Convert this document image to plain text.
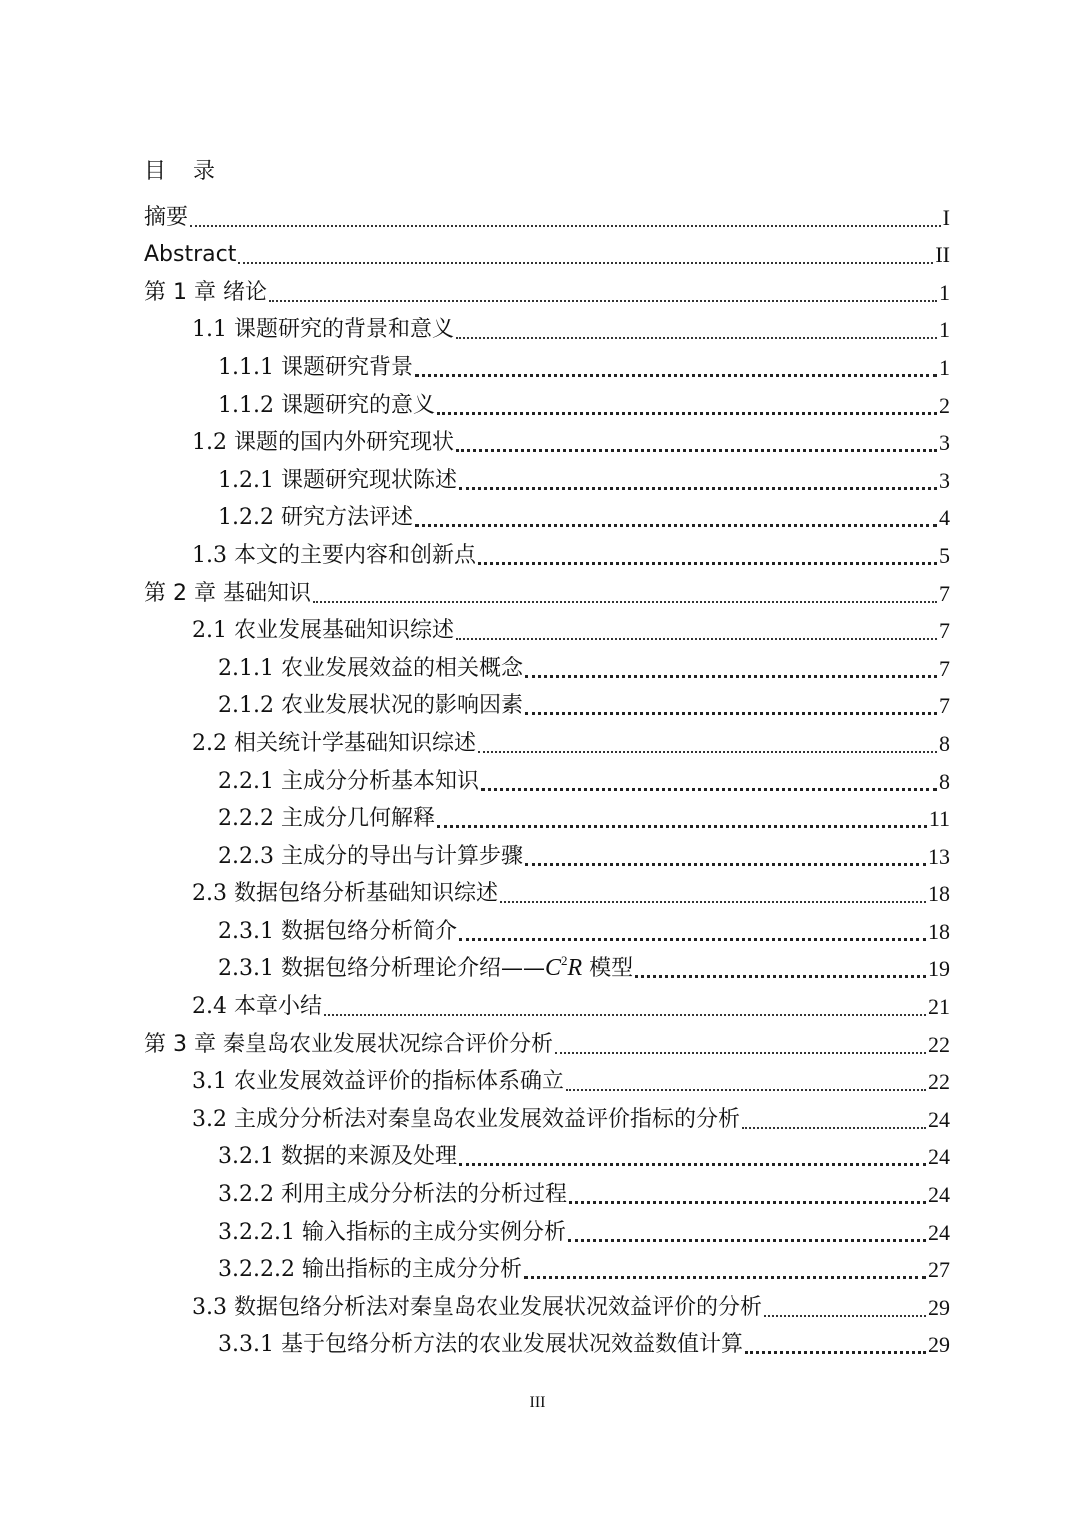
目 录
摘要	I
Abstract	II
第 1 章 绪论	1
1.1 课题研究的背景和意义	1
1.1.1 课题研究背景	1
1.1.2 课题研究的意义	2
1.2 课题的国内外研究现状	3
1.2.1 课题研究现状陈述	3
1.2.2 研究方法评述	4
1.3 本文的主要内容和创新点	5
第 2 章 基础知识	7
2.1 农业发展基础知识综述	7
2.1.1 农业发展效益的相关概念	7
2.1.2 农业发展状况的影响因素	7
2.2 相关统计学基础知识综述	8
2.2.1 主成分分析基本知识	8
2.2.2 主成分几何解释	11
2.2.3 主成分的导出与计算步骤	13
2.3 数据包络分析基础知识综述	18
2.3.1 数据包络分析简介	18
2.3.1 数据包络分析理论介绍$——C^2R$ 模型	19
2.4 本章小结	21
第 3 章 秦皇岛农业发展状况综合评价分析	22
3.1 农业发展效益评价的指标体系确立	22
3.2 主成分分析法对秦皇岛农业发展效益评价指标的分析	24
3.2.1 数据的来源及处理	24
3.2.2 利用主成分分析法的分析过程	24
3.2.2.1 输入指标的主成分实例分析	24
3.2.2.2 输出指标的主成分分析	27
3.3 数据包络分析法对秦皇岛农业发展状况效益评价的分析	29
3.3.1 基于包络分析方法的农业发展状况效益数值计算	29
III
